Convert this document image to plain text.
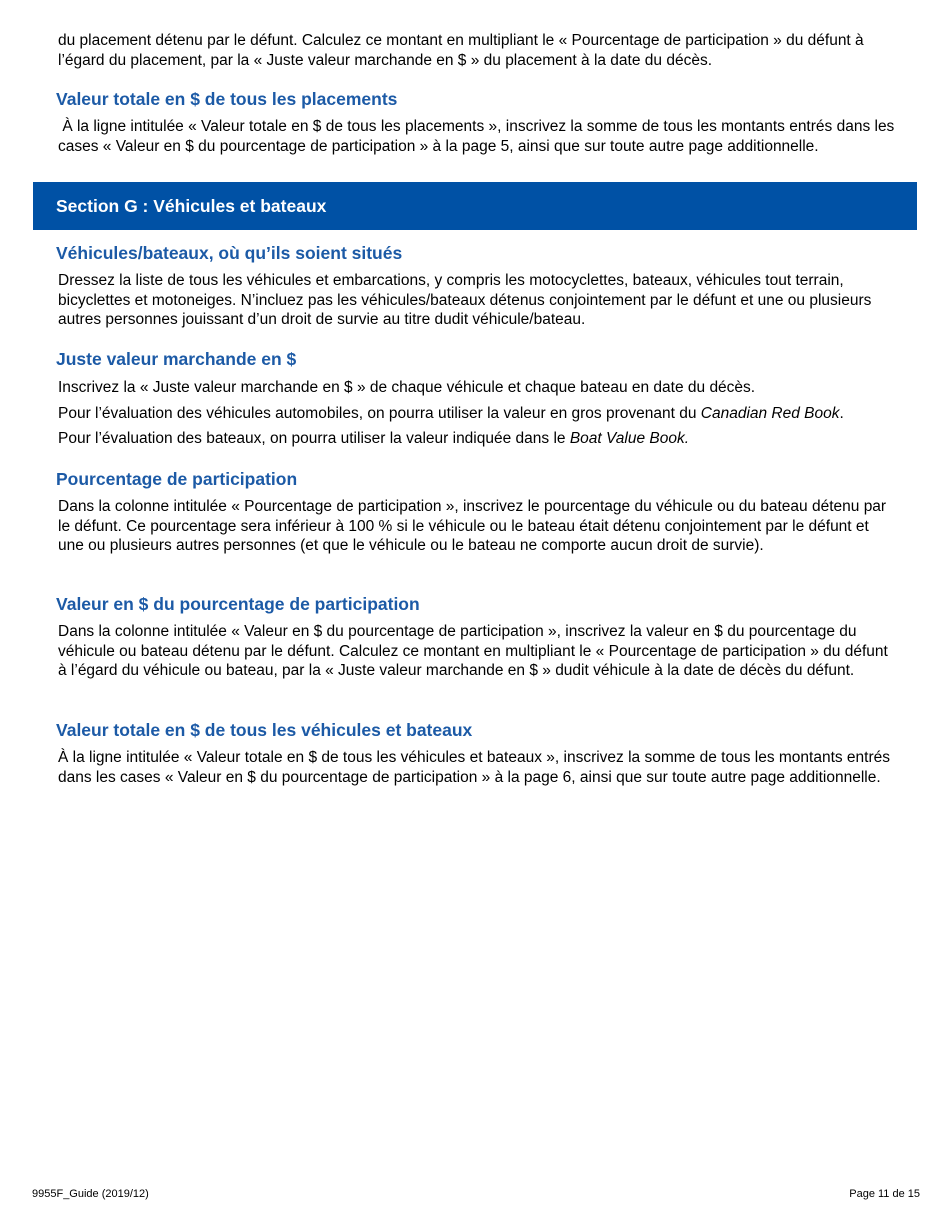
du placement détenu par le défunt. Calculez ce montant en multipliant le « Pourcentage de participation » du défunt à l’égard du placement, par la « Juste valeur marchande en $ » du placement à la date du décès.

Valeur totale en $ de tous les placements

À la ligne intitulée « Valeur totale en $ de tous les placements », inscrivez la somme de tous les montants entrés dans les cases « Valeur en $ du pourcentage de participation » à la page 5, ainsi que sur toute autre page additionnelle.

Section G : Véhicules et bateaux
Véhicules/bateaux, où qu’ils soient situés

Dressez la liste de tous les véhicules et embarcations, y compris les motocyclettes, bateaux, véhicules tout terrain, bicyclettes et motoneiges. N’incluez pas les véhicules/bateaux détenus conjointement par le défunt et une ou plusieurs autres personnes jouissant d’un droit de survie au titre dudit véhicule/bateau.

Juste valeur marchande en $

Inscrivez la « Juste valeur marchande en $ » de chaque véhicule et chaque bateau en date du décès.

Pour l’évaluation des véhicules automobiles, on pourra utiliser la valeur en gros provenant du Canadian Red Book.

Pour l’évaluation des bateaux, on pourra utiliser la valeur indiquée dans le Boat Value Book.

Pourcentage de participation

Dans la colonne intitulée « Pourcentage de participation », inscrivez le pourcentage du véhicule ou du bateau détenu par le défunt. Ce pourcentage sera inférieur à 100 % si le véhicule ou le bateau était détenu conjointement par le défunt et une ou plusieurs autres personnes (et que le véhicule ou le bateau ne comporte aucun droit de survie).

Valeur en $ du pourcentage de participation

Dans la colonne intitulée « Valeur en $ du pourcentage de participation », inscrivez la valeur en $ du pourcentage du véhicule ou bateau détenu par le défunt. Calculez ce montant en multipliant le « Pourcentage de participation » du défunt à l’égard du véhicule ou bateau, par la « Juste valeur marchande en $ » dudit véhicule à la date de décès du défunt.

Valeur totale en $ de tous les véhicules et bateaux

À la ligne intitulée « Valeur totale en $ de tous les véhicules et bateaux », inscrivez la somme de tous les montants entrés dans les cases « Valeur en $ du pourcentage de participation » à la page 6, ainsi que sur toute autre page additionnelle.

9955F_Guide (2019/12)	Page 11 de 15
